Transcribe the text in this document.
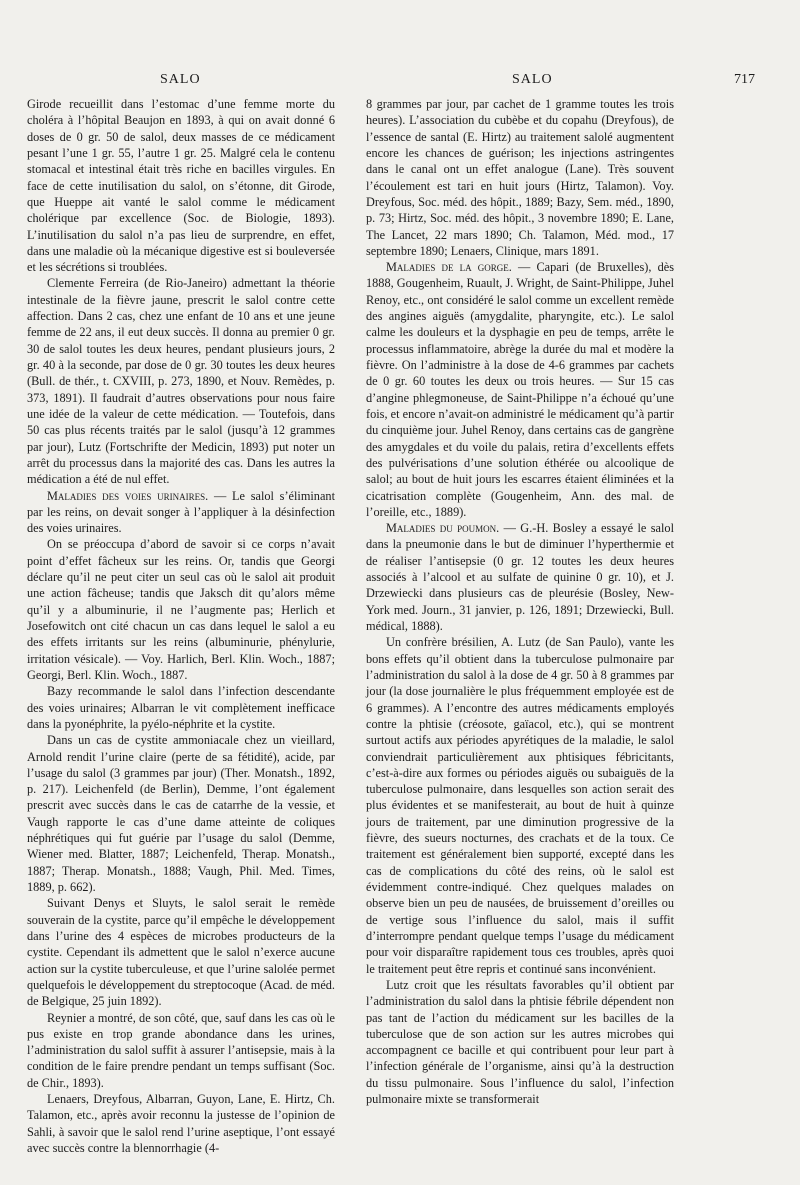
SALO	SALO	717

Girode recueillit dans l’estomac d’une femme morte du choléra à l’hôpital Beaujon en 1893, à qui on avait donné 6 doses de 0 gr. 50 de salol, deux masses de ce médicament pesant l’une 1 gr. 55, l’autre 1 gr. 25. Malgré cela le contenu stomacal et intestinal était très riche en bacilles virgules. En face de cette inutilisation du salol, on s’étonne, dit Girode, que Hueppe ait vanté le salol comme le médicament cholérique par excellence (Soc. de Biologie, 1893). L’inutilisation du salol n’a pas lieu de surprendre, en effet, dans une maladie où la mécanique digestive est si bouleversée et les sécrétions si troublées.

Clemente Ferreira (de Rio-Janeiro) admettant la théorie intestinale de la fièvre jaune, prescrit le salol contre cette affection. Dans 2 cas, chez une enfant de 10 ans et une jeune femme de 22 ans, il eut deux succès. Il donna au premier 0 gr. 30 de salol toutes les deux heures, pendant plusieurs jours, 2 gr. 40 à la seconde, par dose de 0 gr. 30 toutes les deux heures (Bull. de thér., t. CXVIII, p. 273, 1890, et Nouv. Remèdes, p. 373, 1891). Il faudrait d’autres observations pour nous faire une idée de la valeur de cette médication. — Toutefois, dans 50 cas plus récents traités par le salol (jusqu’à 12 grammes par jour), Lutz (Fortschrifte der Medicin, 1893) put noter un arrêt du processus dans la majorité des cas. Dans les autres la médication a été de nul effet.

Maladies des voies urinaires. — Le salol s’éliminant par les reins, on devait songer à l’appliquer à la désinfection des voies urinaires.

On se préoccupa d’abord de savoir si ce corps n’avait point d’effet fâcheux sur les reins. Or, tandis que Georgi déclare qu’il ne peut citer un seul cas où le salol ait produit une action fâcheuse; tandis que Jaksch dit qu’alors même qu’il y a albuminurie, il ne l’augmente pas; Herlich et Josefowitch ont cité chacun un cas dans lequel le salol a eu des effets irritants sur les reins (albuminurie, phénylurie, irritation vésicale). — Voy. Harlich, Berl. Klin. Woch., 1887; Georgi, Berl. Klin. Woch., 1887.

Bazy recommande le salol dans l’infection descendante des voies urinaires; Albarran le vit complètement inefficace dans la pyonéphrite, la pyélo-néphrite et la cystite.

Dans un cas de cystite ammoniacale chez un vieillard, Arnold rendit l’urine claire (perte de sa fétidité), acide, par l’usage du salol (3 grammes par jour) (Ther. Monatsh., 1892, p. 217). Leichenfeld (de Berlin), Demme, l’ont également prescrit avec succès dans le cas de catarrhe de la vessie, et Vaugh rapporte le cas d’une dame atteinte de coliques néphrétiques qui fut guérie par l’usage du salol (Demme, Wiener med. Blatter, 1887; Leichenfeld, Therap. Monatsh., 1887; Therap. Monatsh., 1888; Vaugh, Phil. Med. Times, 1889, p. 662).

Suivant Denys et Sluyts, le salol serait le remède souverain de la cystite, parce qu’il empêche le développement dans l’urine des 4 espèces de microbes producteurs de la cystite. Cependant ils admettent que le salol n’exerce aucune action sur la cystite tuberculeuse, et que l’urine salolée permet quelquefois le développement du streptocoque (Acad. de méd. de Belgique, 25 juin 1892).

Reynier a montré, de son côté, que, sauf dans les cas où le pus existe en trop grande abondance dans les urines, l’administration du salol suffit à assurer l’antisepsie, mais à la condition de le faire prendre pendant un temps suffisant (Soc. de Chir., 1893).

Lenaers, Dreyfous, Albarran, Guyon, Lane, E. Hirtz, Ch. Talamon, etc., après avoir reconnu la justesse de l’opinion de Sahli, à savoir que le salol rend l’urine aseptique, l’ont essayé avec succès contre la blennorrhagie (4-

8 grammes par jour, par cachet de 1 gramme toutes les trois heures). L’association du cubèbe et du copahu (Dreyfous), de l’essence de santal (E. Hirtz) au traitement salolé augmentent encore les chances de guérison; les injections astringentes dans le canal ont un effet analogue (Lane). Très souvent l’écoulement est tari en huit jours (Hirtz, Talamon). Voy. Dreyfous, Soc. méd. des hôpit., 1889; Bazy, Sem. méd., 1890, p. 73; Hirtz, Soc. méd. des hôpit., 3 novembre 1890; E. Lane, The Lancet, 22 mars 1890; Ch. Talamon, Méd. mod., 17 septembre 1890; Lenaers, Clinique, mars 1891.

Maladies de la gorge. — Capari (de Bruxelles), dès 1888, Gougenheim, Ruault, J. Wright, de Saint-Philippe, Juhel Renoy, etc., ont considéré le salol comme un excellent remède des angines aiguës (amygdalite, pharyngite, etc.). Le salol calme les douleurs et la dysphagie en peu de temps, arrête le processus inflammatoire, abrège la durée du mal et modère la fièvre. On l’administre à la dose de 4-6 grammes par cachets de 0 gr. 60 toutes les deux ou trois heures. — Sur 15 cas d’angine phlegmoneuse, de Saint-Philippe n’a échoué qu’une fois, et encore n’avait-on administré le médicament qu’à partir du cinquième jour. Juhel Renoy, dans certains cas de gangrène des amygdales et du voile du palais, retira d’excellents effets des pulvérisations d’une solution éthérée ou alcoolique de salol; au bout de huit jours les escarres étaient éliminées et la cicatrisation complète (Gougenheim, Ann. des mal. de l’oreille, etc., 1889).

Maladies du poumon. — G.-H. Bosley a essayé le salol dans la pneumonie dans le but de diminuer l’hyperthermie et de réaliser l’antisepsie (0 gr. 12 toutes les deux heures associés à l’alcool et au sulfate de quinine 0 gr. 10), et J. Drzewiecki dans plusieurs cas de pleurésie (Bosley, New-York med. Journ., 31 janvier, p. 126, 1891; Drzewiecki, Bull. médical, 1888).

Un confrère brésilien, A. Lutz (de San Paulo), vante les bons effets qu’il obtient dans la tuberculose pulmonaire par l’administration du salol à la dose de 4 gr. 50 à 8 grammes par jour (la dose journalière le plus fréquemment employée est de 6 grammes). A l’encontre des autres médicaments employés contre la phtisie (créosote, gaïacol, etc.), qui se montrent surtout actifs aux périodes apyrétiques de la maladie, le salol conviendrait particulièrement aux phtisiques fébricitants, c’est-à-dire aux formes ou périodes aiguës ou subaiguës de la tuberculose pulmonaire, dans lesquelles son action serait des plus évidentes et se manifesterait, au bout de huit à quinze jours de traitement, par une diminution progressive de la fièvre, des sueurs nocturnes, des crachats et de la toux. Ce traitement est généralement bien supporté, excepté dans les cas de complications du côté des reins, où le salol est évidemment contre-indiqué. Chez quelques malades on observe bien un peu de nausées, de bruissement d’oreilles ou de vertige sous l’influence du salol, mais il suffit d’interrompre pendant quelque temps l’usage du médicament pour voir disparaître rapidement tous ces troubles, après quoi le traitement peut être repris et continué sans inconvénient.

Lutz croit que les résultats favorables qu’il obtient par l’administration du salol dans la phtisie fébrile dépendent non pas tant de l’action du médicament sur les bacilles de la tuberculose que de son action sur les autres microbes qui accompagnent ce bacille et qui contribuent pour leur part à l’infection générale de l’organisme, ainsi qu’à la destruction du tissu pulmonaire. Sous l’influence du salol, l’infection pulmonaire mixte se transformerait
